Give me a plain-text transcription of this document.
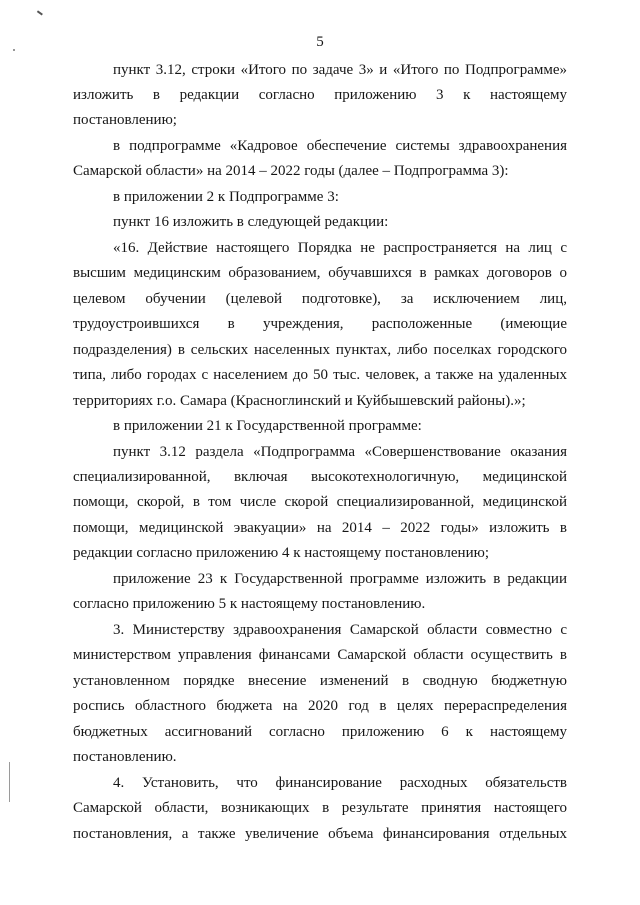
5
пункт 3.12, строки «Итого по задаче 3» и «Итого по Подпрограмме»
изложить в редакции согласно приложению 3 к настоящему
постановлению;
в подпрограмме «Кадровое обеспечение системы здравоохранения
Самарской области» на 2014 – 2022 годы (далее – Подпрограмма 3):
в приложении 2 к Подпрограмме 3:
пункт 16 изложить в следующей редакции:
«16. Действие настоящего Порядка не распространяется на лиц с
высшим медицинским образованием, обучавшихся в рамках договоров о
целевом обучении (целевой подготовке), за исключением лиц,
трудоустроившихся в учреждения, расположенные (имеющие
подразделения) в сельских населенных пунктах, либо поселках городского
типа, либо городах с населением до 50 тыс. человек, а также на удаленных
территориях г.о. Самара (Красноглинский и Куйбышевский районы).»;
в приложении 21 к Государственной программе:
пункт 3.12 раздела «Подпрограмма «Совершенствование оказания
специализированной, включая высокотехнологичную, медицинской
помощи, скорой, в том числе скорой специализированной, медицинской
помощи, медицинской эвакуации» на 2014 – 2022 годы» изложить в
редакции согласно приложению 4 к настоящему постановлению;
приложение 23 к Государственной программе изложить в редакции
согласно приложению 5 к настоящему постановлению.
3. Министерству здравоохранения Самарской области совместно с
министерством управления финансами Самарской области осуществить в
установленном порядке внесение изменений в сводную бюджетную
роспись областного бюджета на 2020 год в целях перераспределения
бюджетных ассигнований согласно приложению 6 к настоящему
постановлению.
4. Установить, что финансирование расходных обязательств
Самарской области, возникающих в результате принятия настоящего
постановления, а также увеличение объема финансирования отдельных
